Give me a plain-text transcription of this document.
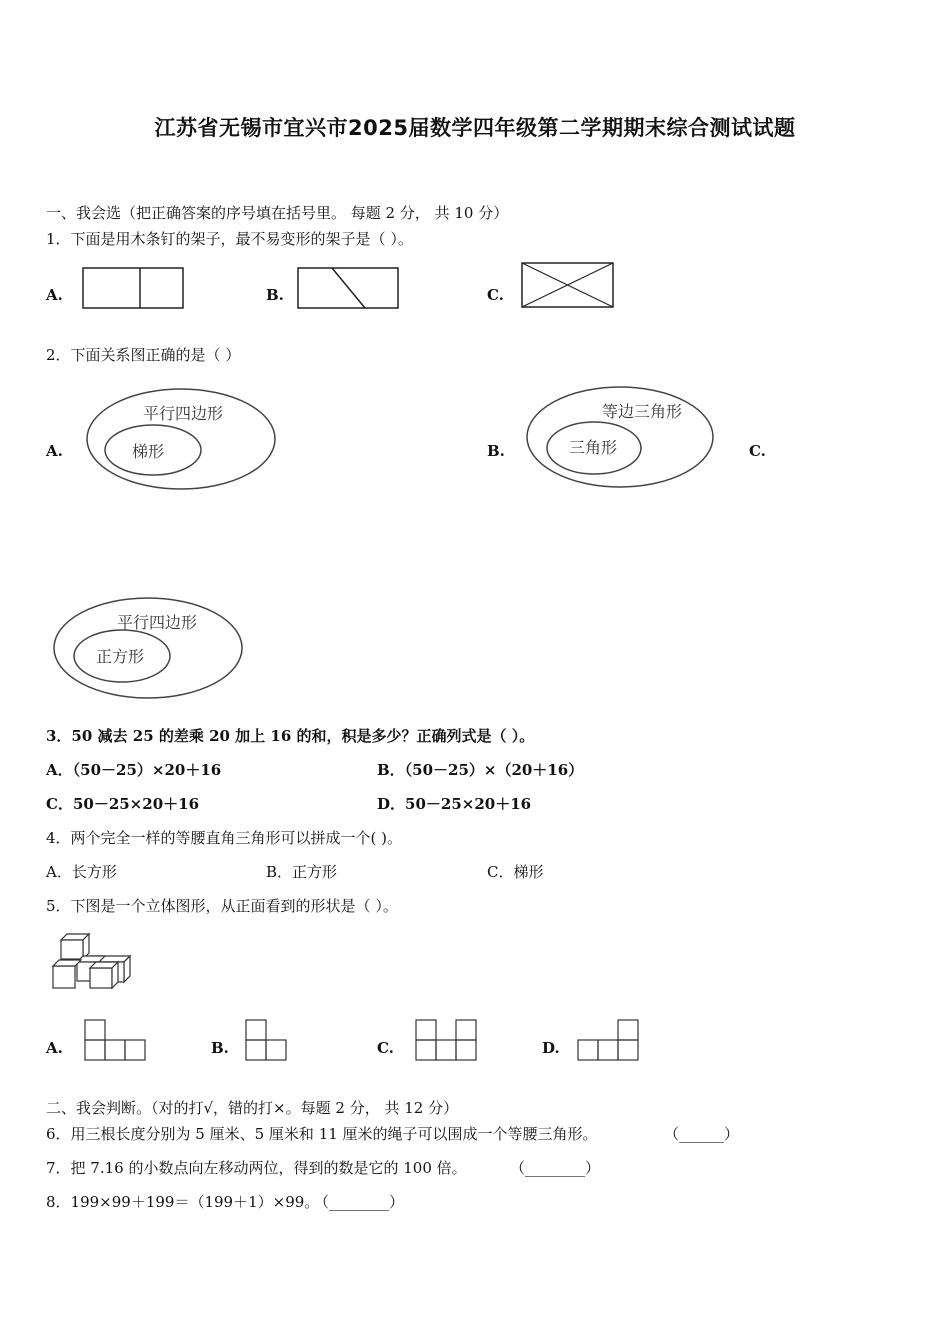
江苏省无锡市宜兴市2025届数学四年级第二学期期末综合测试试题
一、我会选（把正确答案的序号填在括号里。 每题 2 分， 共 10 分）
1．下面是用木条钉的架子，最不易变形的架子是（ ）。
A.	B.	C.
2．下面关系图正确的是（ ）
A.
平行四边形
梯形	B.
等边三角形
三角形	C.
平行四边形
正方形
3．50 减去 25 的差乘 20 加上 16 的和，积是多少？正确列式是（ ）。
A．（50－25）×20＋16	B．（50－25）×（20＋16）
C．50－25×20＋16	D．50－25×20＋16
4．两个完全一样的等腰直角三角形可以拼成一个( )。
A．长方形	B．正方形	C．梯形
5．下图是一个立体图形，从正面看到的形状是（ ）。
A.	B.	C.	D.
二、我会判断。（对的打√，错的打×。每题 2 分， 共 12 分）
6．用三根长度分别为 5 厘米、5 厘米和 11 厘米的绳子可以围成一个等腰三角形。	（______）
7．把 7.16 的小数点向左移动两位，得到的数是它的 100 倍。	（________）
8．199×99＋199＝（199＋1）×99。
（________）
